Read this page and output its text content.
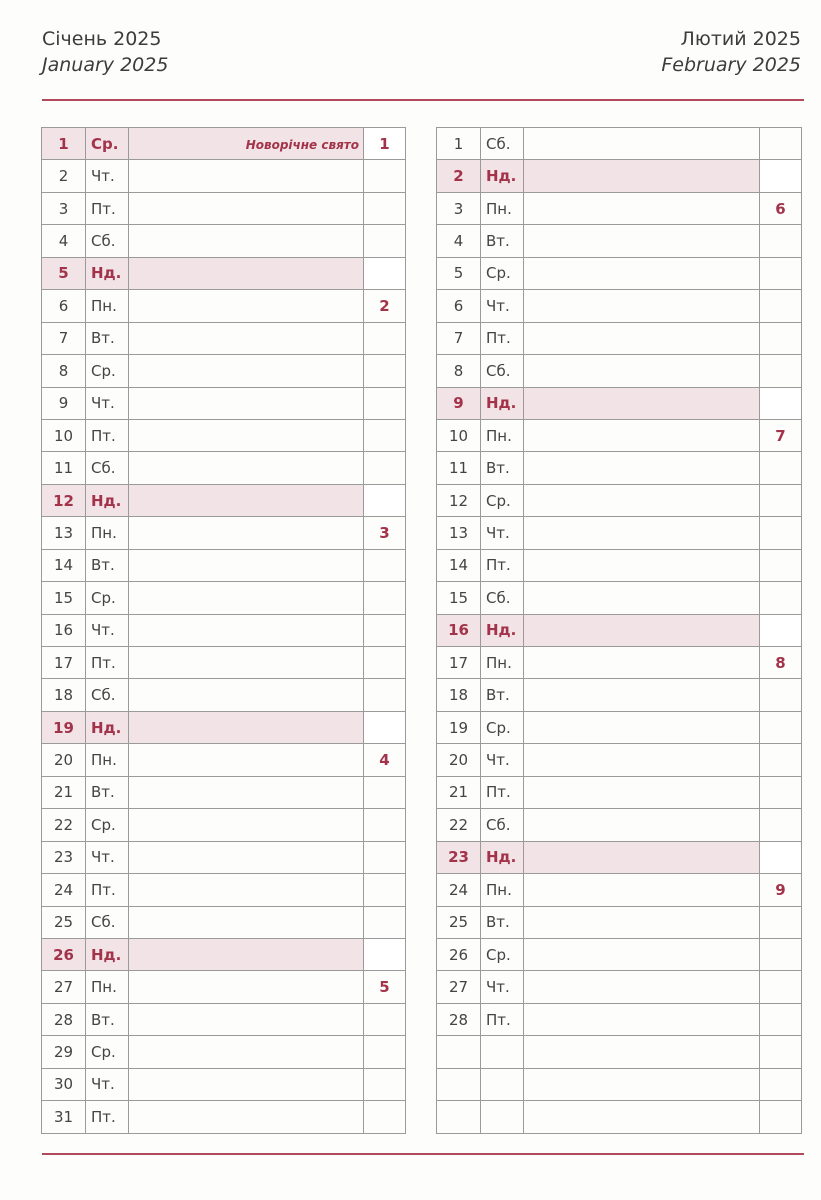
Січень 2025
January 2025
Лютий 2025
February 2025
1	Ср.	Новорічне свято	1
2	Чт.		
3	Пт.		
4	Сб.		
5	Нд.		
6	Пн.		2
7	Вт.		
8	Ср.		
9	Чт.		
10	Пт.		
11	Сб.		
12	Нд.		
13	Пн.		3
14	Вт.		
15	Ср.		
16	Чт.		
17	Пт.		
18	Сб.		
19	Нд.		
20	Пн.		4
21	Вт.		
22	Ср.		
23	Чт.		
24	Пт.		
25	Сб.		
26	Нд.		
27	Пн.		5
28	Вт.		
29	Ср.		
30	Чт.		
31	Пт.		
1	Сб.		
2	Нд.		
3	Пн.		6
4	Вт.		
5	Ср.		
6	Чт.		
7	Пт.		
8	Сб.		
9	Нд.		
10	Пн.		7
11	Вт.		
12	Ср.		
13	Чт.		
14	Пт.		
15	Сб.		
16	Нд.		
17	Пн.		8
18	Вт.		
19	Ср.		
20	Чт.		
21	Пт.		
22	Сб.		
23	Нд.		
24	Пн.		9
25	Вт.		
26	Ср.		
27	Чт.		
28	Пт.		
